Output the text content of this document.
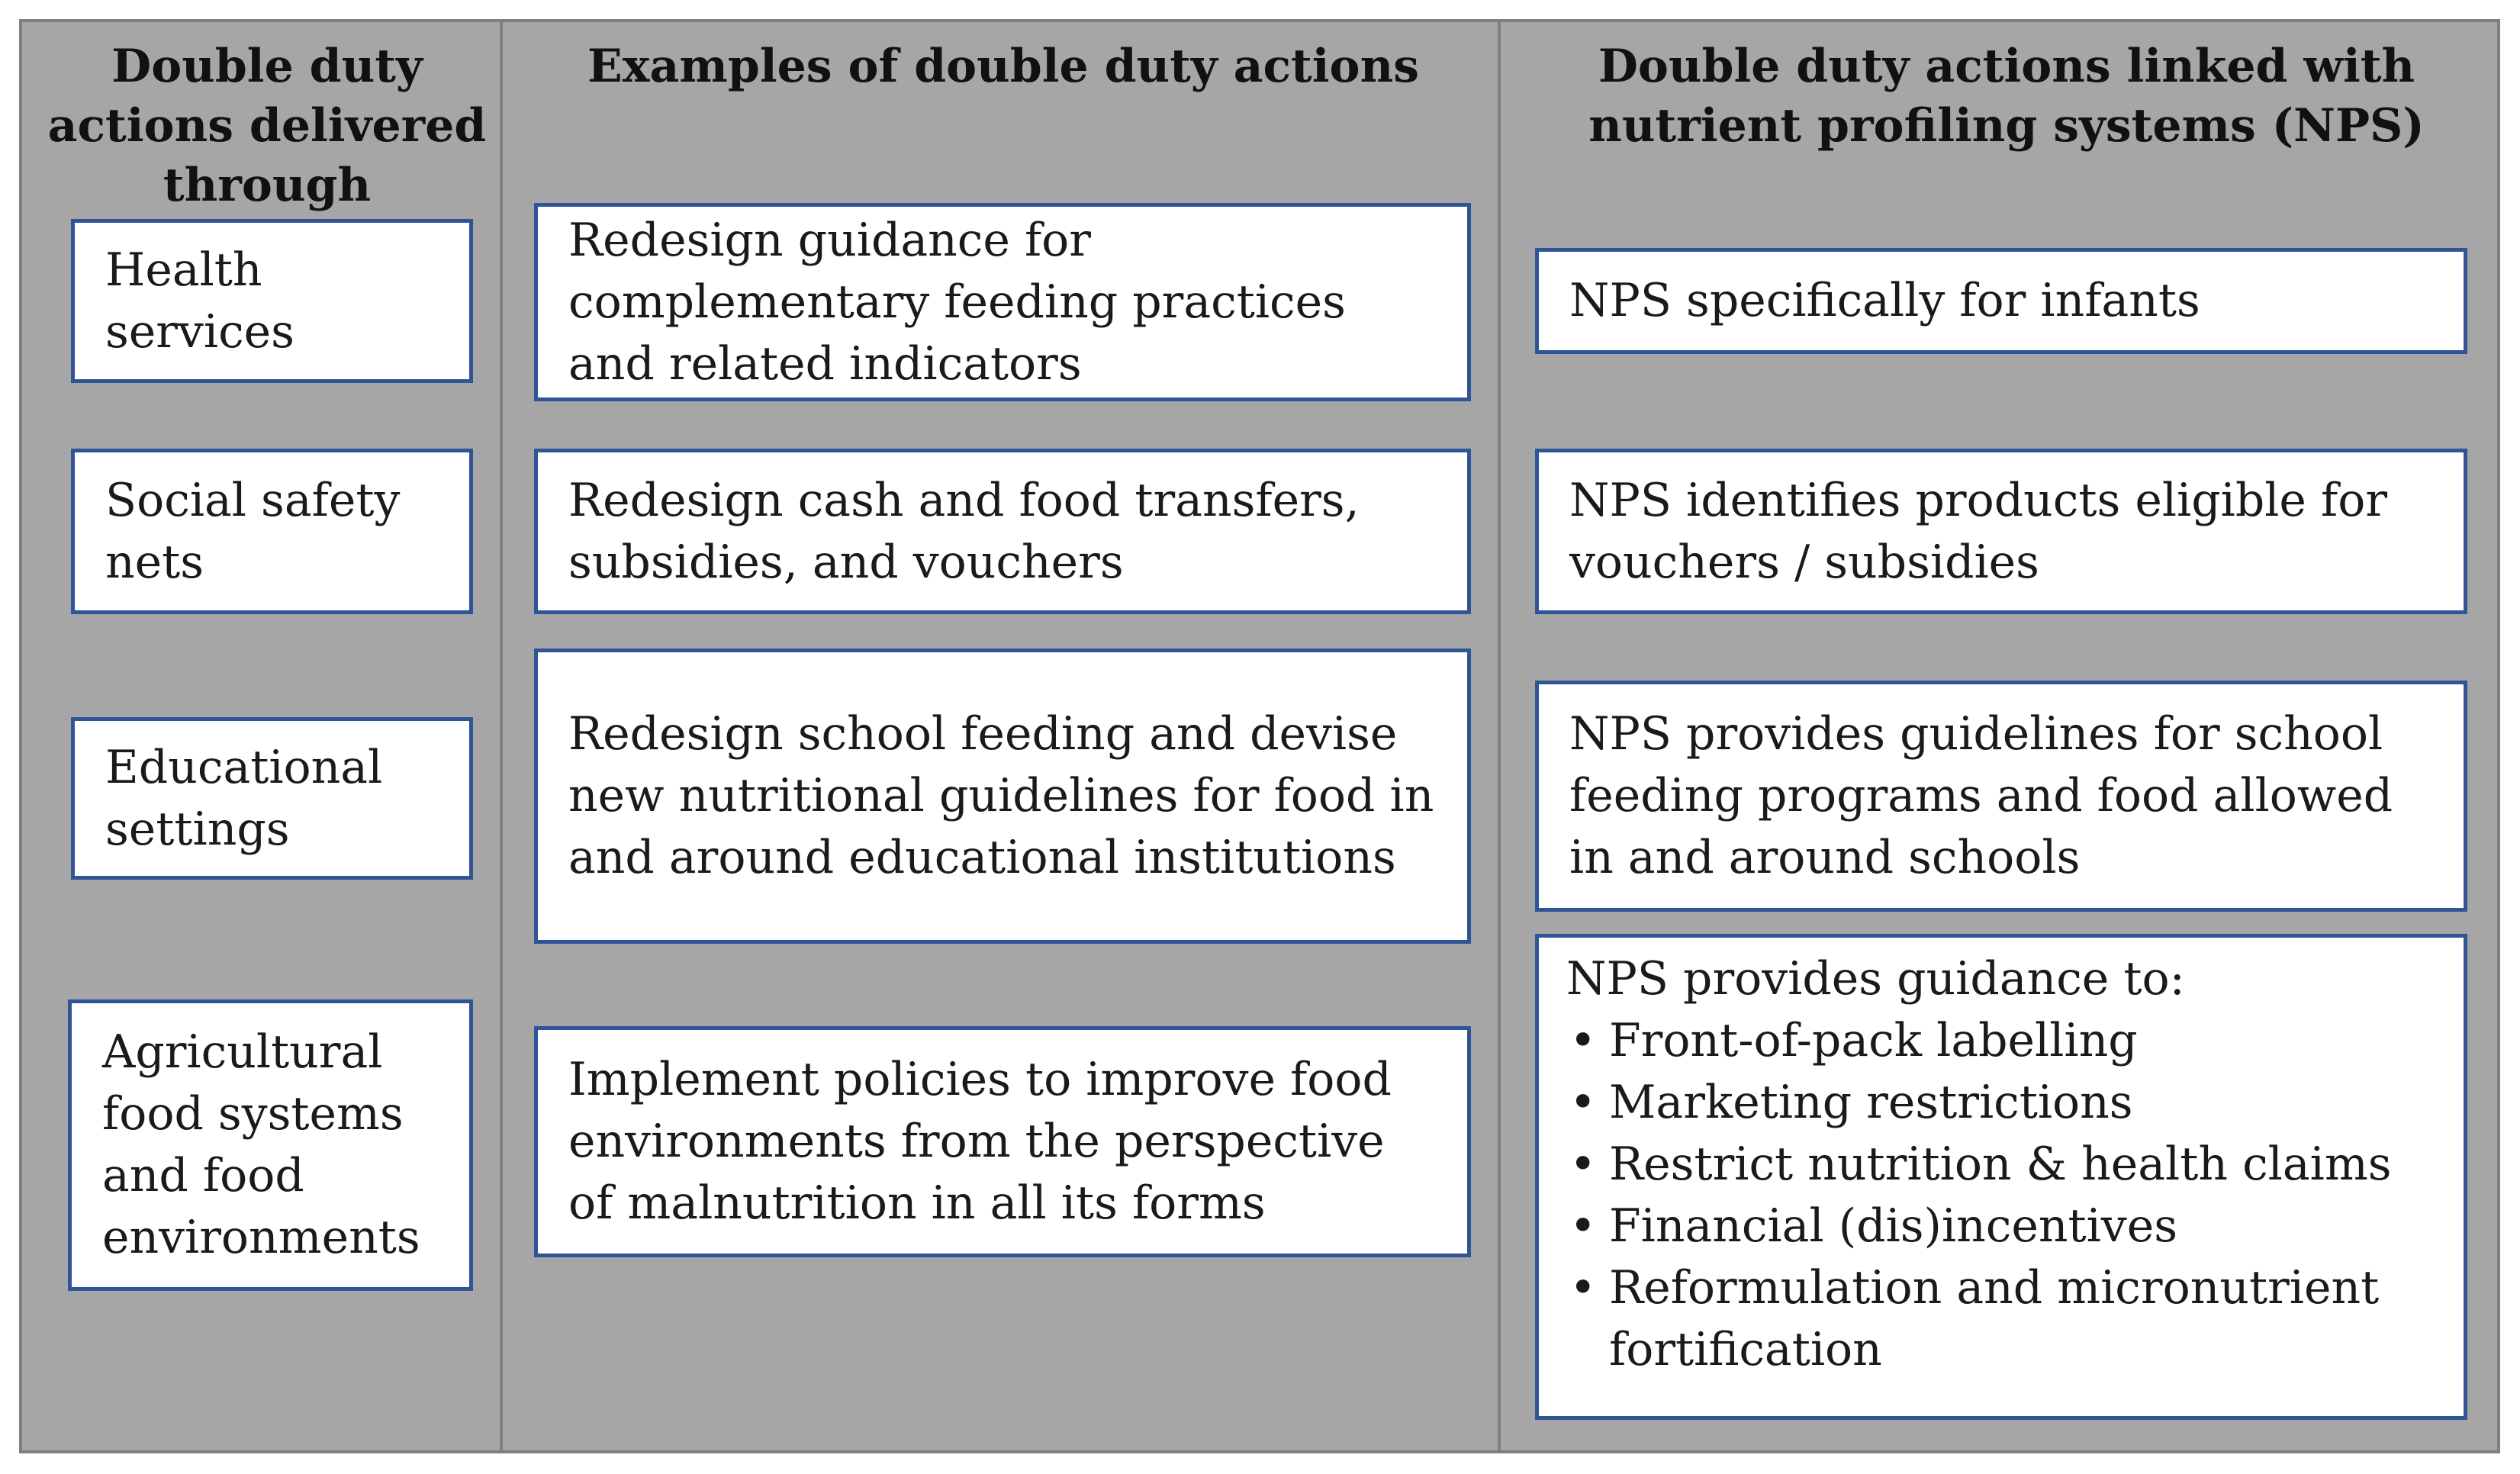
Double duty actions delivered through
Examples of double duty actions	Double duty actions linked with nutrient profiling systems (NPS)
Health services
Social safety nets
Educational settings
Agricultural food systems and food environments
Redesign guidance for complementary feeding practices and related indicators
Redesign cash and food transfers, subsidies, and vouchers
Redesign school feeding and devise new nutritional guidelines for food in and around educational institutions
Implement policies to improve food environments from the perspective of malnutrition in all its forms
NPS specifically for infants
NPS identifies products eligible for vouchers / subsidies
NPS provides guidelines for school feeding programs and food allowed in and around schools
NPS provides guidance to:
• Front-of-pack labelling
• Marketing restrictions
• Restrict nutrition & health claims
• Financial (dis)incentives
• Reformulation and micronutrient fortification
